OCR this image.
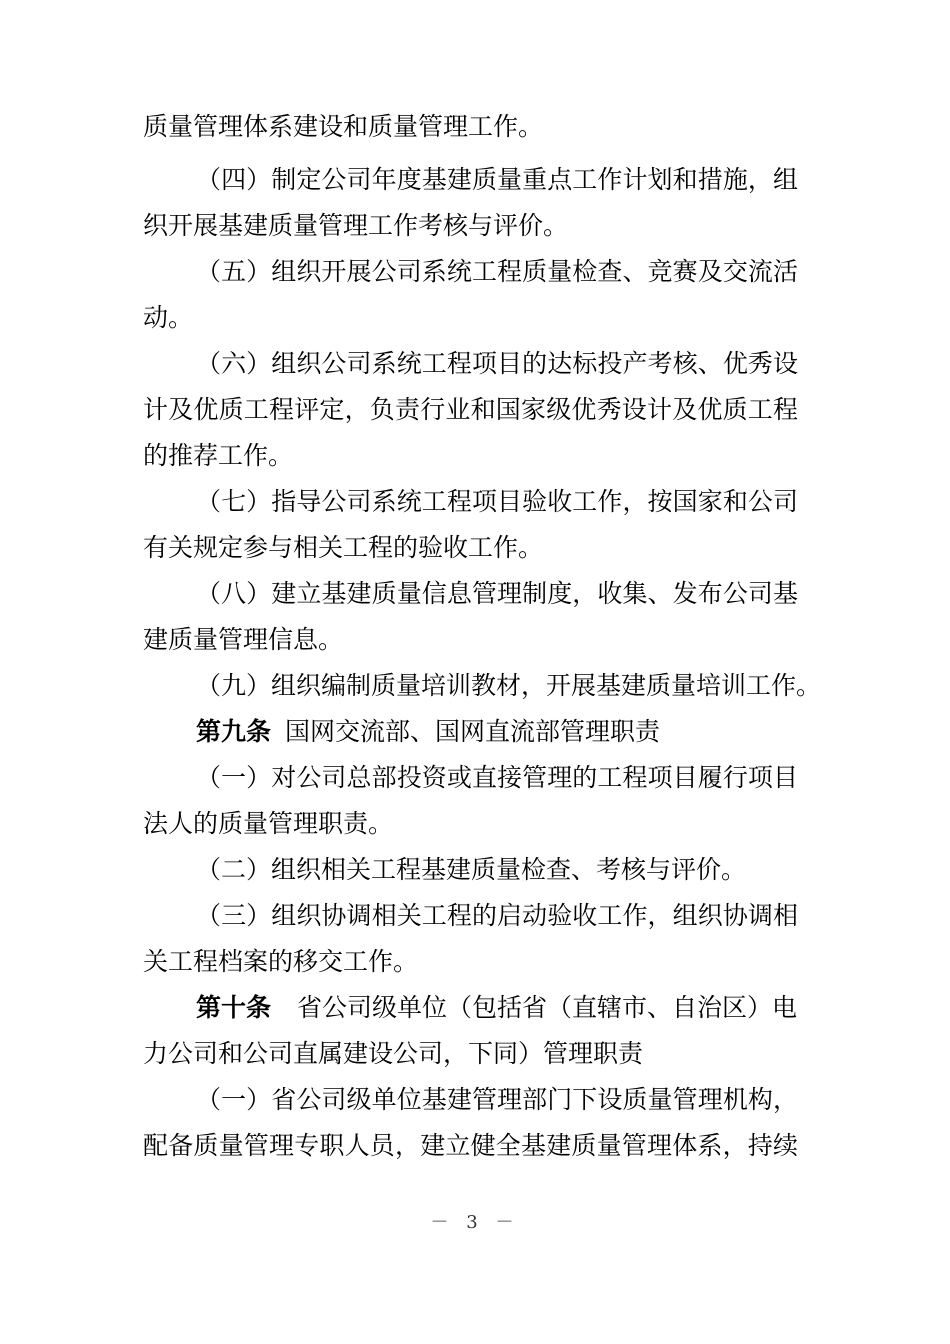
质量管理体系建设和质量管理工作。
（四）制定公司年度基建质量重点工作计划和措施，组
织开展基建质量管理工作考核与评价。
（五）组织开展公司系统工程质量检查、竞赛及交流活
动。
（六）组织公司系统工程项目的达标投产考核、优秀设
计及优质工程评定，负责行业和国家级优秀设计及优质工程
的推荐工作。
（七）指导公司系统工程项目验收工作，按国家和公司
有关规定参与相关工程的验收工作。
（八）建立基建质量信息管理制度，收集、发布公司基
建质量管理信息。
（九）组织编制质量培训教材，开展基建质量培训工作。
第九条 国网交流部、国网直流部管理职责
（一）对公司总部投资或直接管理的工程项目履行项目
法人的质量管理职责。
（二）组织相关工程基建质量检查、考核与评价。
（三）组织协调相关工程的启动验收工作，组织协调相
关工程档案的移交工作。
第十条 省公司级单位（包括省（直辖市、自治区）电
力公司和公司直属建设公司，下同）管理职责
（一）省公司级单位基建管理部门下设质量管理机构，
配备质量管理专职人员，建立健全基建质量管理体系，持续
－ 3 －
